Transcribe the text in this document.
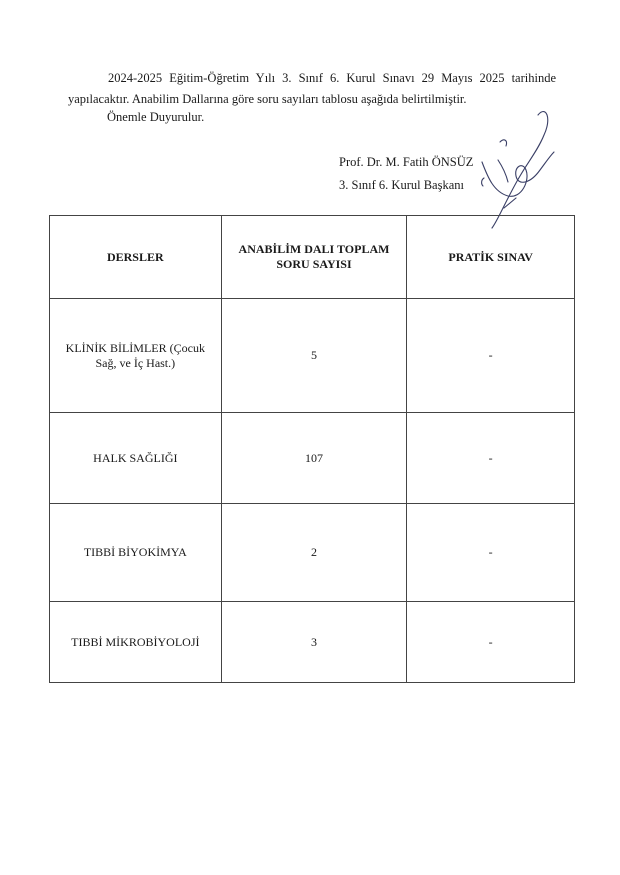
2024-2025 Eğitim-Öğretim Yılı 3. Sınıf 6. Kurul Sınavı 29 Mayıs 2025 tarihinde
yapılacaktır. Anabilim Dallarına göre soru sayıları tablosu aşağıda belirtilmiştir.
Önemle Duyurulur.
Prof. Dr. M. Fatih ÖNSÜZ
3. Sınıf 6. Kurul Başkanı
DERSLER	ANABİLİM DALI TOPLAM SORU SAYISI	PRATİK SINAV
KLİNİK BİLİMLER (Çocuk Sağ, ve İç Hast.)	5	-
HALK SAĞLIĞI	107	-
TIBBİ BİYOKİMYA	2	-
TIBBİ MİKROBİYOLOJİ	3	-
